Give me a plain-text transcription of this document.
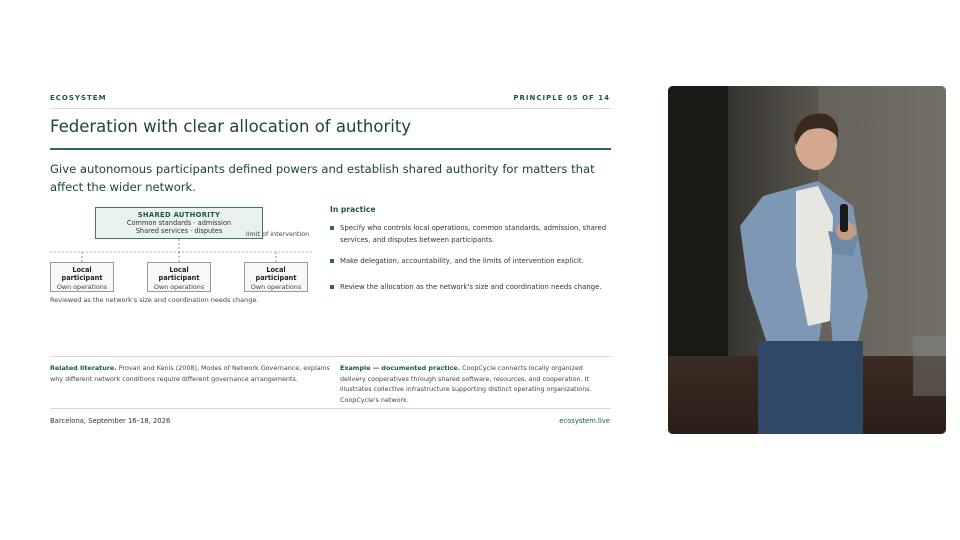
ECOSYSTEM	PRINCIPLE 05 OF 14
Federation with clear allocation of authority
Give autonomous participants defined powers and establish shared authority for matters that affect the wider network.
SHARED AUTHORITY
Common standards · admission
Shared services · disputes	limit of intervention
Local participant
Own operations
Local participant
Own operations
Local participant
Own operations
Reviewed as the network's size and coordination needs change.
In practice
Specify who controls local operations, common standards, admission, shared services, and disputes between participants.
Make delegation, accountability, and the limits of intervention explicit.
Review the allocation as the network's size and coordination needs change.
Related literature. Provan and Kenis (2008), Modes of Network Governance, explains why different network conditions require different governance arrangements.
Example — documented practice. CoopCycle connects locally organized delivery cooperatives through shared software, resources, and cooperation. It illustrates collective infrastructure supporting distinct operating organizations. CoopCycle's network.
Barcelona, September 16–18, 2026	ecosystem.live
